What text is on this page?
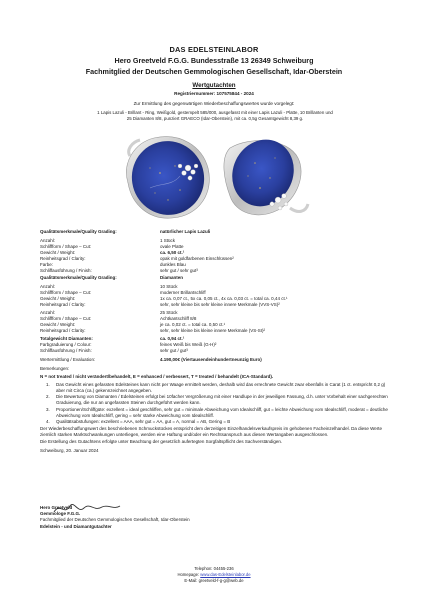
DAS EDELSTEINLABOR
Hero Greetveld F.G.G. Bundesstraße 13 26349 Schweiburg
Fachmitglied der Deutschen Gemmologischen Gesellschaft, Idar-Oberstein
Wertgutachten
Registriernummer: 107575844 - 2024
Zur Ermittlung des gegenwärtigen Wiederbeschaffungswertes wurde vorgelegt:
1 Lapis Lazuli - Brillant - Ring, Weißgold, gestempelt 585/000, ausgefasst mit einer Lapis Lazuli - Platte, 10 Brillanten und
25 Diamanten 8/8, punziert GRAECO (Idar-Oberstein), mit ca. 0,5g Gesamtgewicht 8,39 g.
Qualitätsmerkmale/Quality Grading:	natürlicher Lapis Lazuli
Anzahl:	1 Stück
Schliffform / Shape – Cut:	ovale Platte
Gewicht / Weight:	ca. 6,50 ct.¹
Reinheitsgrad / Clarity:	opak mit goldfarbenen Einschlüssen²
Farbe:	dunkles Blau
Schliffausführung / Finish:	sehr gut / sehr gut³
Qualitätsmerkmale/Quality Grading:	Diamanten
Anzahl:	10 Stück
Schliffform / Shape – Cut:	moderner Brillantschliff
Gewicht / Weight:	1x ca. 0,07 ct., 5x ca. 0,05 ct., 4x ca. 0,03 ct. = total ca. 0,44 ct.¹
Reinheitsgrad / Clarity:	sehr, sehr kleine bis sehr kleine innere Merkmale (VVS-VS)²
Anzahl:	25 Stück
Schliffform / Shape – Cut:	Achtkantschliff 8/8
Gewicht / Weight:	je ca. 0,02 ct. = total ca. 0,50 ct.¹
Reinheitsgrad / Clarity:	sehr, sehr kleine bis kleine innere Merkmale (VS-SI)²
Totalgewicht Diamanten:	ca. 0,94 ct.¹
Farbgraduierung / Colour:	feines Weiß bis Weiß (G-H)²
Schliffausführung / Finish:	sehr gut / gut³
Wertermittlung / Evaluation:	4.190,00€ (Viertausendeinhundertneunzig Euro)
Bemerkungen:
N = not treated / nicht verändert/behandelt, E = enhanced / verbessert, T = treated / behandelt (ICA-Standard).
1. Das Gewicht eines gefassten Edelsteines kann nicht per Waage ermittelt werden, deshalb wird das errechnete Gewicht zwar ebenfalls in Carat (1 ct. entspricht 0,2 g) aber mit Circa (ca.) gekennzeichnet angegeben.
2. Die Bewertung von Diamanten / Edelsteinen erfolgt bei 10facher Vergrößerung mit einer Handlupe in der jeweiligen Fassung, d.h. unter Vorbehalt einer sachgerechten Graduierung, die nur an ungefassten Steinen durchgeführt werden kann.
3. Proportionen/Schliffgüte: exzellent = ideal geschliffen, sehr gut = minimale Abweichung vom Idealschliff, gut = leichte Abweichung vom Idealschliff, moderat = deutliche Abweichung vom Idealschliff, gering = sehr starke Abweichung vom Idealschliff.
4. Qualitätsabstufungen: exzellent = AAA, sehr gut = AA, gut = A, normal = AB, Gering = B
Der Wiederbeschaffungswert des beschriebenen Schmuckstückes entspricht dem derzeitigen Einzelhandelsverkaufspreis im gehobenen Facheinzelhandel. Da diese Werte ziemlich starken Marktschwankungen unterliegen, werden eine Haftung und/oder ein Rechtsanspruch aus diesen Wertangaben ausgeschlossen.
Die Erstellung des Gutachtens erfolgte unter Beachtung der gesetzlich aufertegten Sorgfaltspflicht des Sachverständigen.
Schweiburg, 20. Januar 2024
Hero Greetveld
Gemmologe F.G.G.
Fachmitglied der Deutschen Gemmologischen Gesellschaft, Idar-Oberstein
Edelstein - und Diamantgutachter
Telephon: 04455-236
Homepage: www.das-Edelsteinlabor.de
E-Mail: greetveld-f-g-g@web.de
